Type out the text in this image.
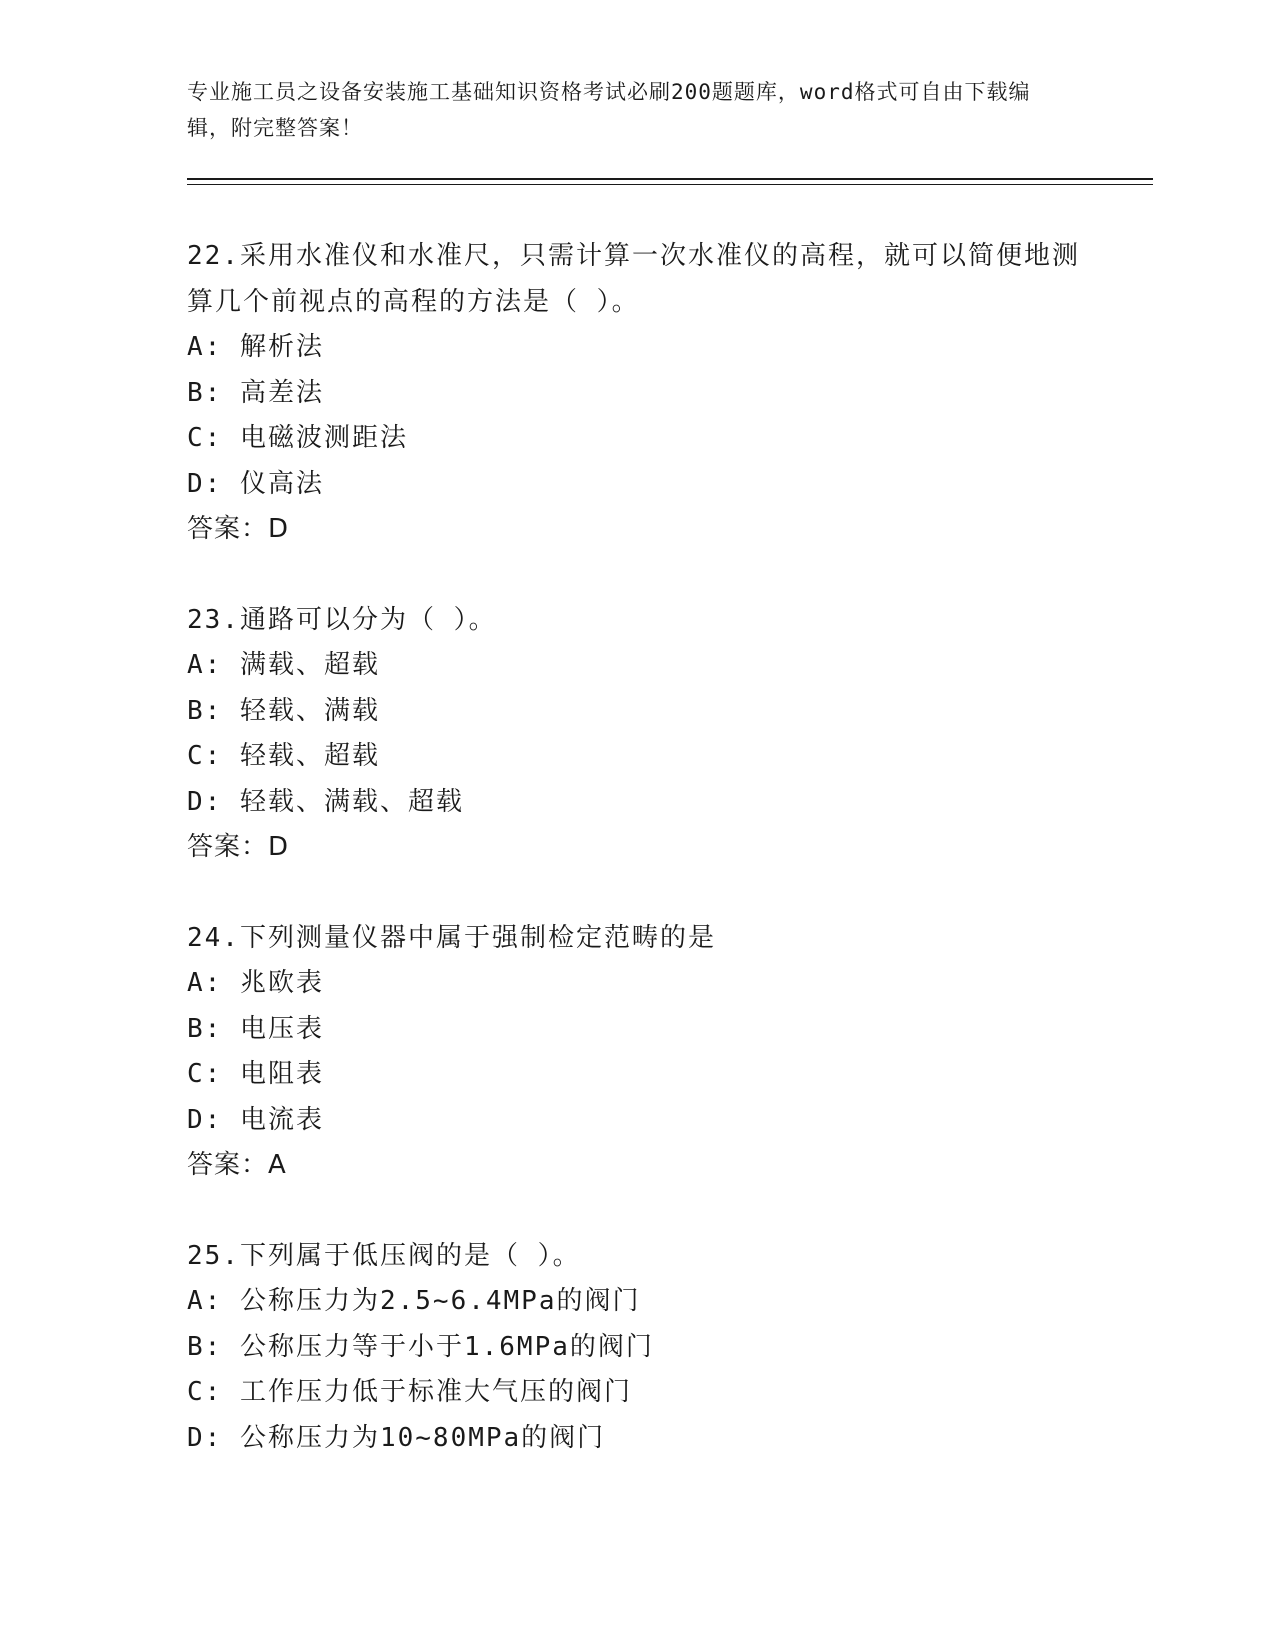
专业施工员之设备安装施工基础知识资格考试必刷200题题库，word格式可自由下载编辑，附完整答案！
22.采用水准仪和水准尺，只需计算一次水准仪的高程，就可以简便地测算几个前视点的高程的方法是（ ）。
A: 解析法
B: 高差法
C: 电磁波测距法
D: 仪高法
答案：D
23.通路可以分为（ ）。
A: 满载、超载
B: 轻载、满载
C: 轻载、超载
D: 轻载、满载、超载
答案：D
24.下列测量仪器中属于强制检定范畴的是
A: 兆欧表
B: 电压表
C: 电阻表
D: 电流表
答案：A
25.下列属于低压阀的是（ ）。
A: 公称压力为2.5~6.4MPa的阀门
B: 公称压力等于小于1.6MPa的阀门
C: 工作压力低于标准大气压的阀门
D: 公称压力为10~80MPa的阀门
